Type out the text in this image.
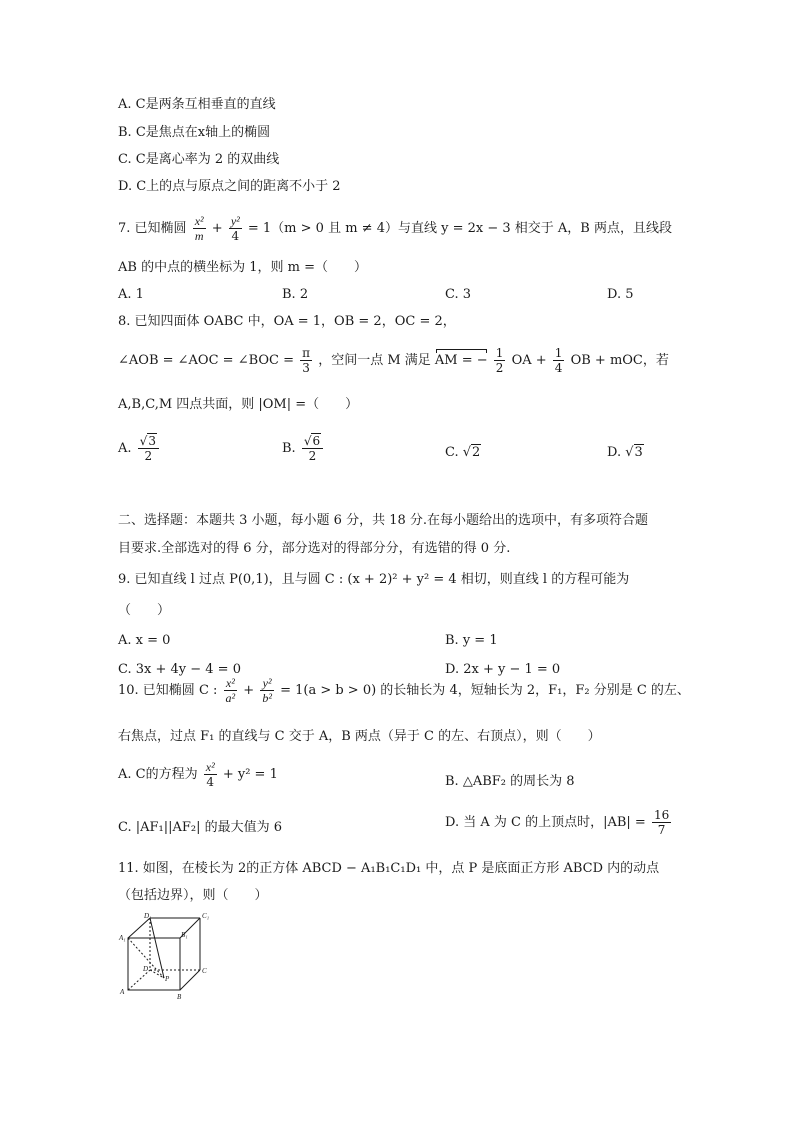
A. C是两条互相垂直的直线
B. C是焦点在x轴上的椭圆
C. C是离心率为 2 的双曲线
D. C上的点与原点之间的距离不小于 2
7. 已知椭圆 $\frac{\text{x²}}{m} + \frac{\text{y²}}{4} = 1(m > 0$ 且 m ≠ 4）与直线 y = 2x − 3 相交于 A，B 两点，且线段
AB 的中点的横坐标为 1，则 m =（　　）
A. 1	B. 2	C. 3	D. 5
8. 已知四面体 OABC 中，OA = 1，OB = 2，OC = 2，
∠AOB = ∠AOC = ∠BOC = $\frac{\pi}{3}$ ，空间一点 M 满足 AM = − $\frac{1}{2}$ OA + $\frac{1}{4}$ OB + mOC，若
A,B,C,M 四点共面，则 |OM| =（　　）
A. $\frac{√3}{2}$	B. $\frac{√6}{2}$	C. √2	D. √3
二、选择题：本题共 3 小题，每小题 6 分，共 18 分.在每小题给出的选项中，有多项符合题
目要求.全部选对的得 6 分，部分选对的得部分分，有选错的得 0 分.
9. 已知直线 l 过点 P(0,1)，且与圆 C : (x + 2)² + y² = 4 相切，则直线 l 的方程可能为
（　　）
A. x = 0	B. y = 1
C. 3x + 4y − 4 = 0	D. 2x + y − 1 = 0
10. 已知椭圆 C : $\frac{\text{x²}}{\text{a²}} + \frac{\text{y²}}{\text{b²}} = 1(a > b > 0)$ 的长轴长为 4，短轴长为 2，F₁，F₂ 分别是 C 的左、
右焦点，过点 F₁ 的直线与 C 交于 A，B 两点（异于 C 的左、右顶点），则（　　）
A. C的方程为 $\frac{\text{x²}}{4} + y^2 = 1$	B. △ABF₂ 的周长为 8
C. |AF₁||AF₂| 的最大值为 6	D. 当 A 为 C 的上顶点时，$|AB| = \frac{16}{7}$
11. 如图，在棱长为 2的正方体 ABCD − A₁B₁C₁D₁ 中，点 P 是底面正方形 ABCD 内的动点
（包括边界），则（　　）
D₁	C₁
A₁	B₁
D	C
A
B
P
